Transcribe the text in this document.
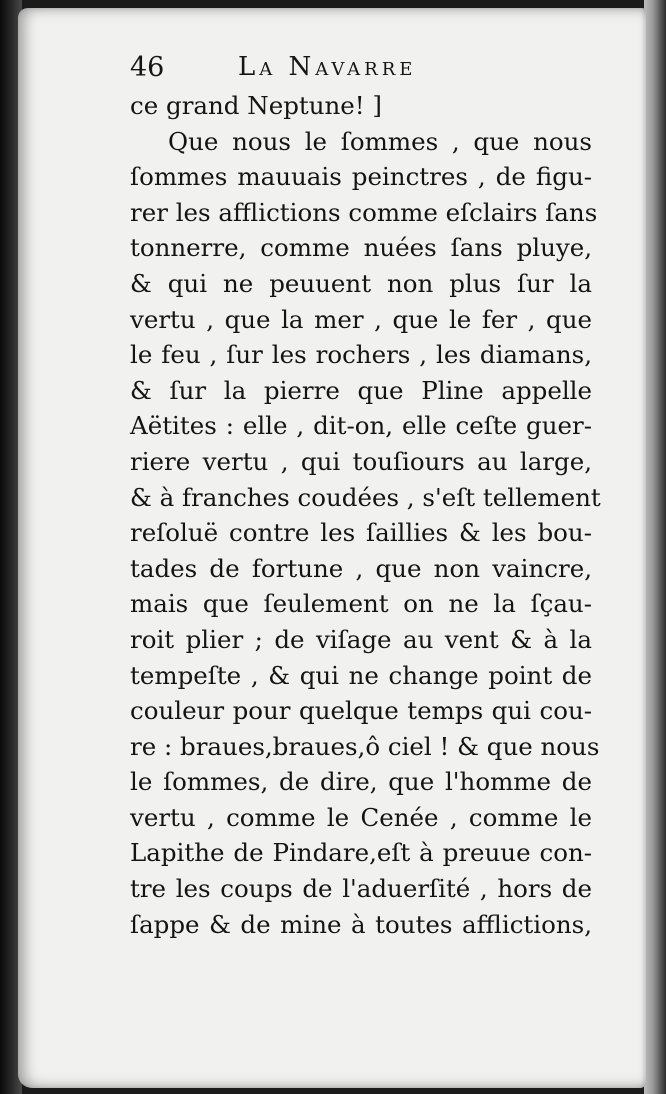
46	La Navarre
ce grand Neptune! ]
Que nous le ſommes , que nous
ſommes mauuais peinctres , de figu-
rer les afflictions comme eſclairs ſans
tonnerre, comme nuées ſans pluye,
& qui ne peuuent non plus ſur la
vertu , que la mer , que le fer , que
le feu , ſur les rochers , les diamans,
& ſur la pierre que Pline appelle
Aëtites : elle , dit-on, elle ceſte guer-
riere vertu , qui touſiours au large,
& à franches coudées , s'eſt tellement
reſoluë contre les ſaillies & les bou-
tades de fortune , que non vaincre,
mais que ſeulement on ne la ſçau-
roit plier ; de viſage au vent & à la
tempeſte , & qui ne change point de
couleur pour quelque temps qui cou-
re : braues,braues,ô ciel ! & que nous
le ſommes, de dire, que l'homme de
vertu , comme le Cenée , comme le
Lapithe de Pindare,eſt à preuue con-
tre les coups de l'aduerſité , hors de
ſappe & de mine à toutes afflictions,
